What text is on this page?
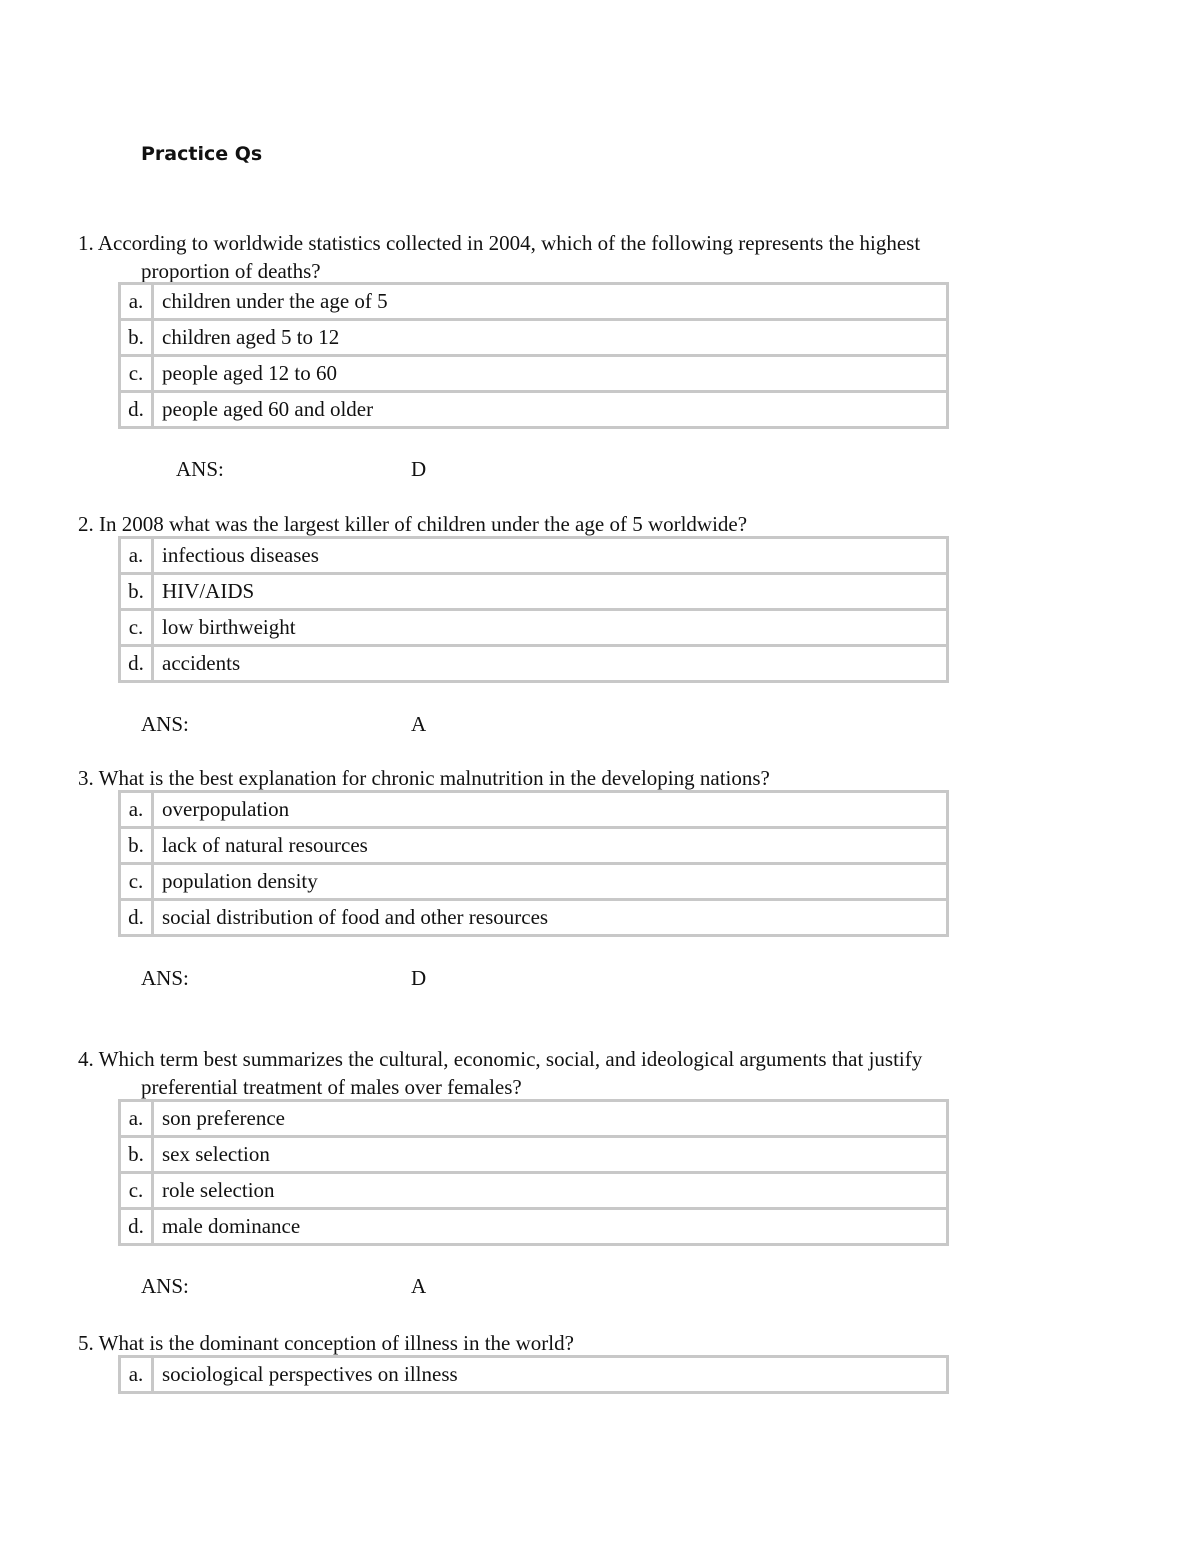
Practice Qs
1. According to worldwide statistics collected in 2004, which of the following represents the highest
proportion of deaths?
a.	children under the age of 5
b.	children aged 5 to 12
c.	people aged 12 to 60
d.	people aged 60 and older
ANS:	D
2. In 2008 what was the largest killer of children under the age of 5 worldwide?
a.	infectious diseases
b.	HIV/AIDS
c.	low birthweight
d.	accidents
ANS:	A
3. What is the best explanation for chronic malnutrition in the developing nations?
a.	overpopulation
b.	lack of natural resources
c.	population density
d.	social distribution of food and other resources
ANS:	D
4. Which term best summarizes the cultural, economic, social, and ideological arguments that justify
preferential treatment of males over females?
a.	son preference
b.	sex selection
c.	role selection
d.	male dominance
ANS:	A
5. What is the dominant conception of illness in the world?
a.	sociological perspectives on illness
